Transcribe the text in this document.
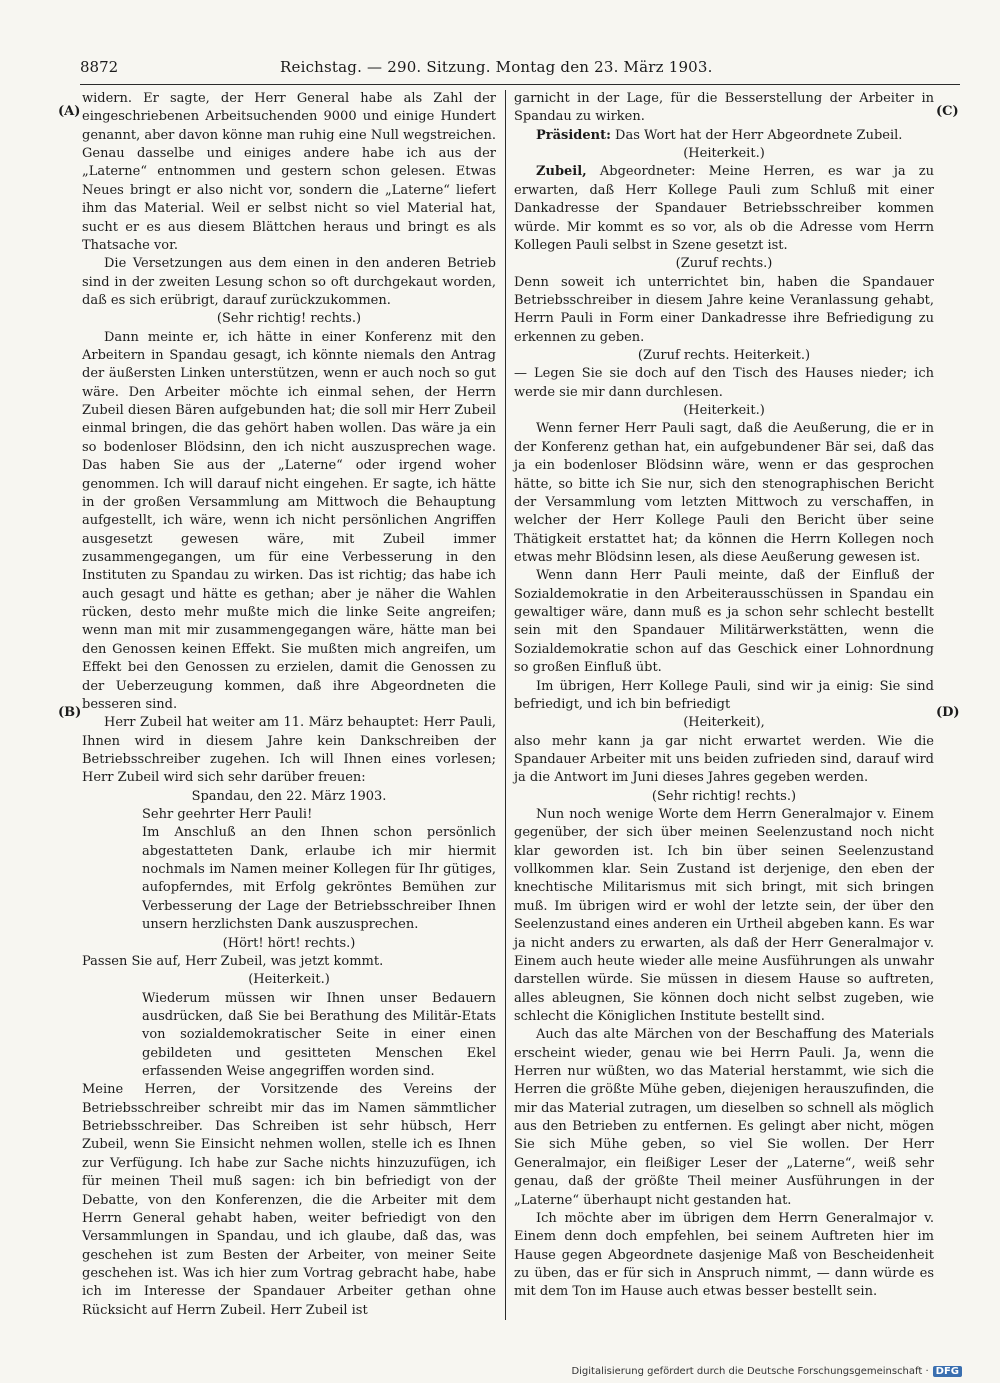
8872	Reichstag. — 290. Sitzung. Montag den 23. März 1903.
(A)
(B)
(C)
(D)

widern. Er sagte, der Herr General habe als Zahl der eingeschriebenen Arbeitsuchenden 9000 und einige Hundert genannt, aber davon könne man ruhig eine Null wegstreichen. Genau dasselbe und einiges andere habe ich aus der „Laterne“ entnommen und gestern schon gelesen. Etwas Neues bringt er also nicht vor, sondern die „Laterne“ liefert ihm das Material. Weil er selbst nicht so viel Material hat, sucht er es aus diesem Blättchen heraus und bringt es als Thatsache vor.

Die Versetzungen aus dem einen in den anderen Betrieb sind in der zweiten Lesung schon so oft durchgekaut worden, daß es sich erübrigt, darauf zurückzukommen.

(Sehr richtig! rechts.)

Dann meinte er, ich hätte in einer Konferenz mit den Arbeitern in Spandau gesagt, ich könnte niemals den Antrag der äußersten Linken unterstützen, wenn er auch noch so gut wäre. Den Arbeiter möchte ich einmal sehen, der Herrn Zubeil diesen Bären aufgebunden hat; die soll mir Herr Zubeil einmal bringen, die das gehört haben wollen. Das wäre ja ein so bodenloser Blödsinn, den ich nicht auszusprechen wage. Das haben Sie aus der „Laterne“ oder irgend woher genommen. Ich will darauf nicht eingehen. Er sagte, ich hätte in der großen Versammlung am Mittwoch die Behauptung aufgestellt, ich wäre, wenn ich nicht persönlichen Angriffen ausgesetzt gewesen wäre, mit Zubeil immer zusammengegangen, um für eine Verbesserung in den Instituten zu Spandau zu wirken. Das ist richtig; das habe ich auch gesagt und hätte es gethan; aber je näher die Wahlen rücken, desto mehr mußte mich die linke Seite angreifen; wenn man mit mir zusammengegangen wäre, hätte man bei den Genossen keinen Effekt. Sie mußten mich angreifen, um Effekt bei den Genossen zu erzielen, damit die Genossen zu der Ueberzeugung kommen, daß ihre Abgeordneten die besseren sind.

Herr Zubeil hat weiter am 11. März behauptet: Herr Pauli, Ihnen wird in diesem Jahre kein Dankschreiben der Betriebsschreiber zugehen. Ich will Ihnen eines vorlesen; Herr Zubeil wird sich sehr darüber freuen:

Spandau, den 22. März 1903.

Sehr geehrter Herr Pauli!

Im Anschluß an den Ihnen schon persönlich abgestatteten Dank, erlaube ich mir hiermit nochmals im Namen meiner Kollegen für Ihr gütiges, aufopferndes, mit Erfolg gekröntes Bemühen zur Verbesserung der Lage der Betriebsschreiber Ihnen unsern herzlichsten Dank auszusprechen.

(Hört! hört! rechts.)

Passen Sie auf, Herr Zubeil, was jetzt kommt.

(Heiterkeit.)

Wiederum müssen wir Ihnen unser Bedauern ausdrücken, daß Sie bei Berathung des Militär-Etats von sozialdemokratischer Seite in einer einen gebildeten und gesitteten Menschen Ekel erfassenden Weise angegriffen worden sind.

Meine Herren, der Vorsitzende des Vereins der Betriebsschreiber schreibt mir das im Namen sämmtlicher Betriebsschreiber. Das Schreiben ist sehr hübsch, Herr Zubeil, wenn Sie Einsicht nehmen wollen, stelle ich es Ihnen zur Verfügung. Ich habe zur Sache nichts hinzuzufügen, ich für meinen Theil muß sagen: ich bin befriedigt von der Debatte, von den Konferenzen, die die Arbeiter mit dem Herrn General gehabt haben, weiter befriedigt von den Versammlungen in Spandau, und ich glaube, daß das, was geschehen ist zum Besten der Arbeiter, von meiner Seite geschehen ist. Was ich hier zum Vortrag gebracht habe, habe ich im Interesse der Spandauer Arbeiter gethan ohne Rücksicht auf Herrn Zubeil. Herr Zubeil ist

garnicht in der Lage, für die Besserstellung der Arbeiter in Spandau zu wirken.

Präsident: Das Wort hat der Herr Abgeordnete Zubeil.

(Heiterkeit.)

Zubeil, Abgeordneter: Meine Herren, es war ja zu erwarten, daß Herr Kollege Pauli zum Schluß mit einer Dankadresse der Spandauer Betriebsschreiber kommen würde. Mir kommt es so vor, als ob die Adresse vom Herrn Kollegen Pauli selbst in Szene gesetzt ist.

(Zuruf rechts.)

Denn soweit ich unterrichtet bin, haben die Spandauer Betriebsschreiber in diesem Jahre keine Veranlassung gehabt, Herrn Pauli in Form einer Dankadresse ihre Befriedigung zu erkennen zu geben.

(Zuruf rechts. Heiterkeit.)

— Legen Sie sie doch auf den Tisch des Hauses nieder; ich werde sie mir dann durchlesen.

(Heiterkeit.)

Wenn ferner Herr Pauli sagt, daß die Aeußerung, die er in der Konferenz gethan hat, ein aufgebundener Bär sei, daß das ja ein bodenloser Blödsinn wäre, wenn er das gesprochen hätte, so bitte ich Sie nur, sich den stenographischen Bericht der Versammlung vom letzten Mittwoch zu verschaffen, in welcher der Herr Kollege Pauli den Bericht über seine Thätigkeit erstattet hat; da können die Herrn Kollegen noch etwas mehr Blödsinn lesen, als diese Aeußerung gewesen ist.

Wenn dann Herr Pauli meinte, daß der Einfluß der Sozialdemokratie in den Arbeiterausschüssen in Spandau ein gewaltiger wäre, dann muß es ja schon sehr schlecht bestellt sein mit den Spandauer Militärwerkstätten, wenn die Sozialdemokratie schon auf das Geschick einer Lohnordnung so großen Einfluß übt.

Im übrigen, Herr Kollege Pauli, sind wir ja einig: Sie sind befriedigt, und ich bin befriedigt

(Heiterkeit),

also mehr kann ja gar nicht erwartet werden. Wie die Spandauer Arbeiter mit uns beiden zufrieden sind, darauf wird ja die Antwort im Juni dieses Jahres gegeben werden.

(Sehr richtig! rechts.)

Nun noch wenige Worte dem Herrn Generalmajor v. Einem gegenüber, der sich über meinen Seelenzustand noch nicht klar geworden ist. Ich bin über seinen Seelenzustand vollkommen klar. Sein Zustand ist derjenige, den eben der knechtische Militarismus mit sich bringt, mit sich bringen muß. Im übrigen wird er wohl der letzte sein, der über den Seelenzustand eines anderen ein Urtheil abgeben kann. Es war ja nicht anders zu erwarten, als daß der Herr Generalmajor v. Einem auch heute wieder alle meine Ausführungen als unwahr darstellen würde. Sie müssen in diesem Hause so auftreten, alles ableugnen, Sie können doch nicht selbst zugeben, wie schlecht die Königlichen Institute bestellt sind.

Auch das alte Märchen von der Beschaffung des Materials erscheint wieder, genau wie bei Herrn Pauli. Ja, wenn die Herren nur wüßten, wo das Material herstammt, wie sich die Herren die größte Mühe geben, diejenigen herauszufinden, die mir das Material zutragen, um dieselben so schnell als möglich aus den Betrieben zu entfernen. Es gelingt aber nicht, mögen Sie sich Mühe geben, so viel Sie wollen. Der Herr Generalmajor, ein fleißiger Leser der „Laterne“, weiß sehr genau, daß der größte Theil meiner Ausführungen in der „Laterne“ überhaupt nicht gestanden hat.

Ich möchte aber im übrigen dem Herrn Generalmajor v. Einem denn doch empfehlen, bei seinem Auftreten hier im Hause gegen Abgeordnete dasjenige Maß von Bescheidenheit zu üben, das er für sich in Anspruch nimmt, — dann würde es mit dem Ton im Hause auch etwas besser bestellt sein.

Digitalisierung gefördert durch die Deutsche Forschungsgemeinschaft · DFG
